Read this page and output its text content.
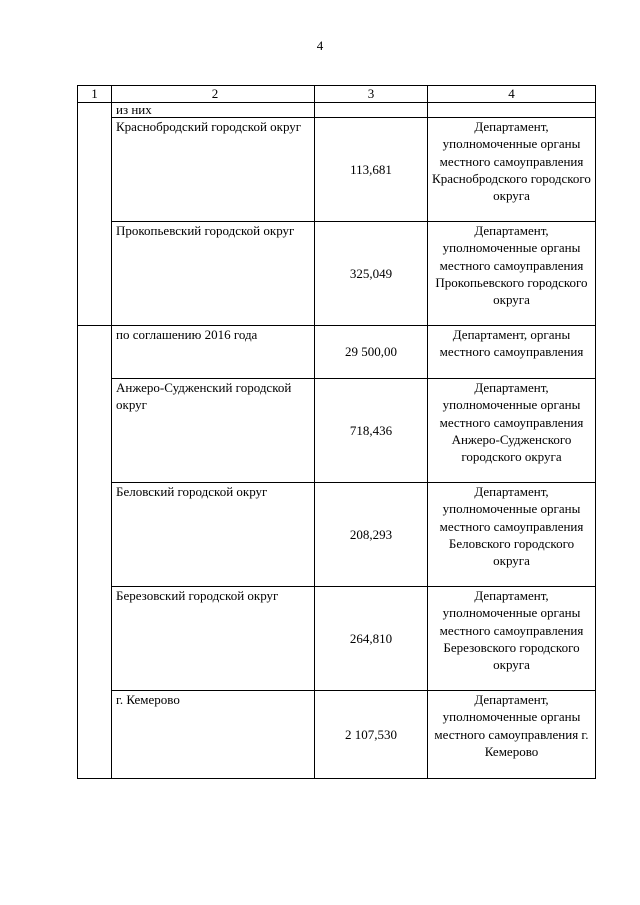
4
1	2	3	4
	из них		
	Краснобродский городской округ	113,681	Департамент, уполномоченные органы местного самоуправления Краснобродского городского округа
	Прокопьевский городской округ	325,049	Департамент, уполномоченные органы местного самоуправления Прокопьевского городского округа
	по соглашению 2016 года	29 500,00	Департамент, органы местного самоуправления
	Анжеро-Судженский городской округ	718,436	Департамент, уполномоченные органы местного самоуправления Анжеро-Судженского городского округа
	Беловский городской округ	208,293	Департамент, уполномоченные органы местного самоуправления Беловского городского округа
	Березовский городской округ	264,810	Департамент, уполномоченные органы местного самоуправления Березовского городского округа
	г. Кемерово	2 107,530	Департамент, уполномоченные органы местного самоуправления г. Кемерово
